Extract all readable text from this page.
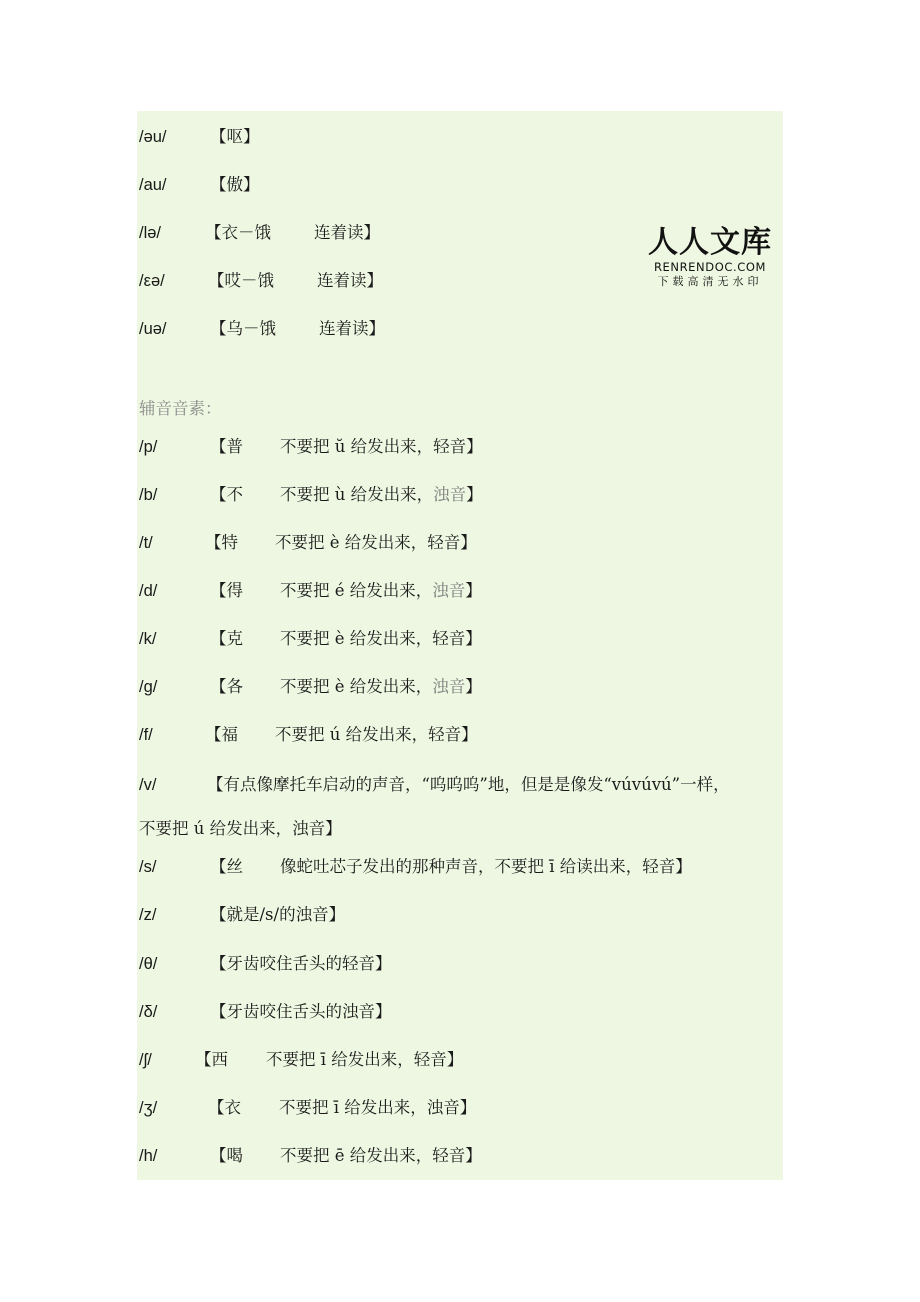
/əu/	【呕】
/au/	【傲】
/lə/	【衣－饿	连着读】
/εə/	【哎－饿	连着读】
/uə/	【乌－饿	连着读】
辅音音素：
/p/	【普 不要把 ŭ 给发出来，轻音】
/b/	【不 不要把 ù 给发出来，浊音】
/t/	【特 不要把 è 给发出来，轻音】
/d/	【得 不要把 é 给发出来，浊音】
/k/	【克 不要把 è 给发出来，轻音】
/g/	【各 不要把 è 给发出来，浊音】
/f/	【福 不要把 ú 给发出来，轻音】
/v/	【有点像摩托车启动的声音，“呜呜呜”地，但是是像发“vúvúvú”一样，
不要把 ú 给发出来，浊音】
/s/	【丝 像蛇吐芯子发出的那种声音，不要把 ī 给读出来，轻音】
/z/	【就是/s/的浊音】
/θ/	【牙齿咬住舌头的轻音】
/δ/	【牙齿咬住舌头的浊音】
/ʃ/	【西 不要把 ī 给发出来，轻音】
/ʒ/	【衣 不要把 ī 给发出来，浊音】
/h/	【喝 不要把 ē 给发出来，轻音】
人人文库
RENRENDOC.COM
下载高清无水印
